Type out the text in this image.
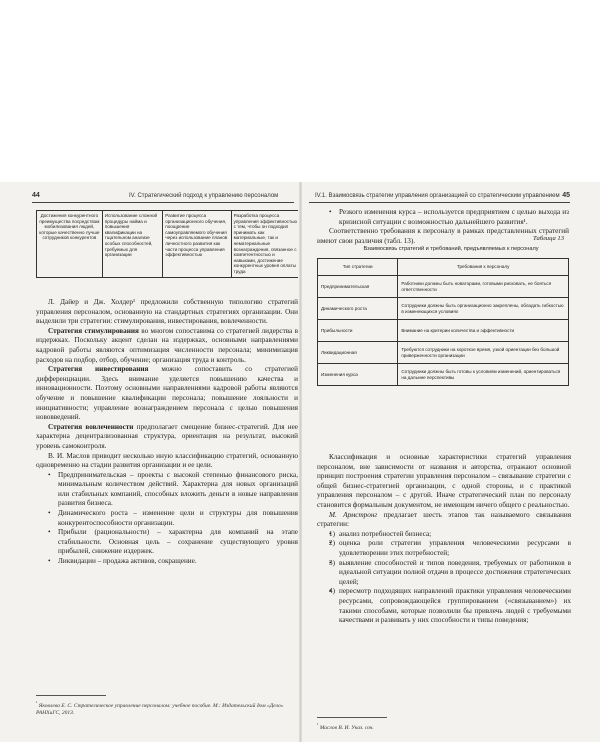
44	IV. Стратегический подход к управлению персоналом
Достижения конкурентного преимущества посредством мобилизования людей, которые качественно лучше сотрудников конкурентов	Использование сложной процедуры найма и повышения квалификации на тщательном анализе особых способностей, требуемых для организации	Развитие процесса организационного обучения, поощрение самоуправляемого обучения через использование планов личностного развития как части процесса управления эффективностью	Разработка процесса управления эффективностью с тем, чтобы он подходил принимать как материальные, так и нематериальные вознаграждения, связанное с компетентностью и навыками, достижение конкурентных уровня оплаты труда

Л. Дайер и Дж. Холдер¹ предложили собственную типологию стратегий управления персоналом, основанную на стандартных стратегиях организации. Они выделили три стратегии: стимулирования, инвестирования, вовлеченности.

Стратегия стимулирования во многом сопоставима со стратегией лидерства в издержках. Поскольку акцент сделан на издержках, основными направлениями кадровой работы являются оптимизация численности персонала; минимизация расходов на подбор, отбор, обучение; организация труда и контроль.

Стратегия инвестирования можно сопоставить со стратегией дифференциации. Здесь внимание уделяется повышению качества и инновационности. Поэтому основными направлениями кадровой работы являются обучение и повышение квалификации персонала; повышение лояльности и инициативности; управление вознаграждением персонала с целью повышения нововведений.

Стратегия вовлеченности предполагает смещение бизнес-стратегий. Для нее характерна децентрализованная структура, ориентация на результат, высокий уровень самоконтроля.

В. И. Маслов приводит несколько иную классификацию стратегий, основанную одновременно на стадии развития организации и ее цели.

• Предпринимательская – проекты с высокой степенью финансового риска, минимальным количеством действий. Характерна для новых организаций или стабильных компаний, способных вложить деньги в новые направления развития бизнеса.
• Динамического роста – изменение цели и структуры для повышения конкурентоспособности организации.
• Прибыли (рациональности) – характерна для компаний на этапе стабильности. Основная цель – сохранение существующего уровня прибылей, снижение издержек.
• Ликвидации – продажа активов, сокращение.
$^{^1}$ Яковлева Е. С. Стратегическое управление персоналом: учебное пособие. М.: Издательский дом «Дело» РАНХиГС, 2013.
IV.1. Взаимосвязь стратегии управления организацией со стратегическим управлением 45
• Резкого изменения курса – используется предприятием с целью выхода из кризисной ситуации с возможностью дальнейшего развития¹.

Соответственно требования к персоналу в рамках представленных стратегий имеют свои различия (табл. 13).	Таблица 13
Взаимосвязь стратегий и требований, предъявляемых к персоналу
Тип стратегии	Требования к персоналу
Предпринимательская	Работники должны быть новаторами, готовыми рисковать, не бояться ответственности
Динамического роста	Сотрудники должны быть организационно закреплены, обладать гибкостью в изменяющихся условиях
Прибыльности	Внимание на критерии количества и эффективности
Ликвидационная	Требуются сотрудники на короткое время, узкой ориентации без большой приверженности организации
Изменения курса	Сотрудники должны быть готовы к условиям изменений, ориентироваться на дальние перспективы

Классификация и основные характеристики стратегий управления персоналом, вне зависимости от названия и авторства, отражают основной принцип построения стратегии управления персоналом – связывание стратегии с общей бизнес-стратегией организации, с одной стороны, и с практикой управления персоналом – с другой. Иначе стратегический план по персоналу становится формальным документом, не имеющим ничего общего с реальностью.

М. Армстронг предлагает шесть этапов так называемого связывания стратегии:

• 1) анализ потребностей бизнеса;
• 2) оценка роли стратегии управления человеческими ресурсами в удовлетворении этих потребностей;
• 3) выявление способностей и типов поведения, требуемых от работников в идеальной ситуации полной отдачи в процессе достижения стратегических целей;
• 4) пересмотр подходящих направлений практики управления человеческими ресурсами, сопровождающейся группированием («связыванием») их такими способами, которые позволили бы привлечь людей с требуемыми качествами и развивать у них способности и типы поведения;
$^{^1}$ Маслов В. И. Указ. соч.
